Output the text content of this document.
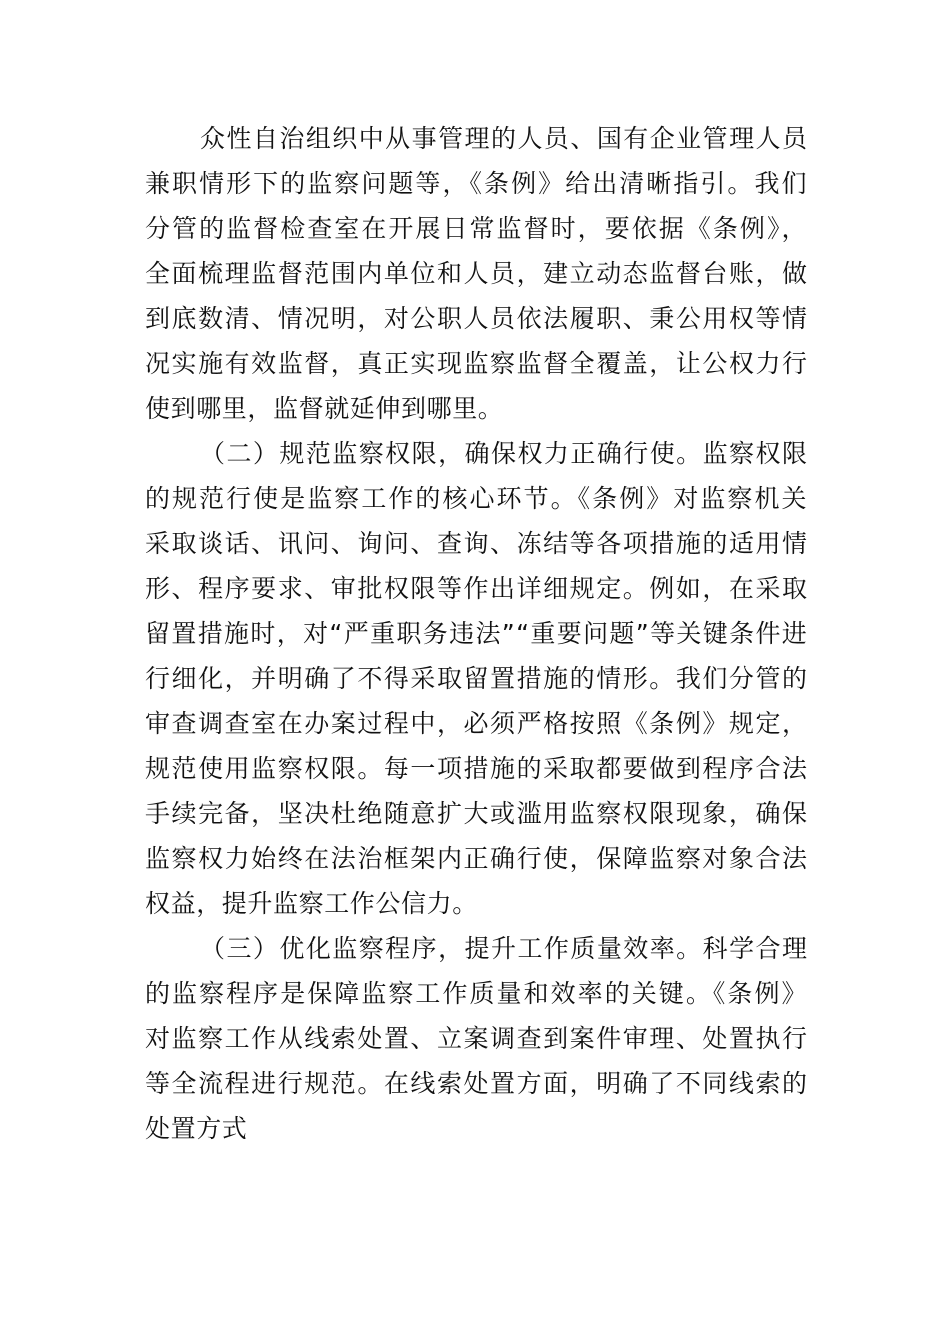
众性自治组织中从事管理的人员、国有企业管理人员
兼职情形下的监察问题等，《条例》给出清晰指引。我们
分管的监督检查室在开展日常监督时，要依据《条例》，
全面梳理监督范围内单位和人员，建立动态监督台账，做
到底数清、情况明，对公职人员依法履职、秉公用权等情
况实施有效监督，真正实现监察监督全覆盖，让公权力行
使到哪里，监督就延伸到哪里。
（二）规范监察权限，确保权力正确行使。监察权限
的规范行使是监察工作的核心环节。《条例》对监察机关
采取谈话、讯问、询问、查询、冻结等各项措施的适用情
形、程序要求、审批权限等作出详细规定。例如，在采取
留置措施时，对“严重职务违法”“重要问题”等关键条件进
行细化，并明确了不得采取留置措施的情形。我们分管的
审查调查室在办案过程中，必须严格按照《条例》规定，
规范使用监察权限。每一项措施的采取都要做到程序合法
手续完备，坚决杜绝随意扩大或滥用监察权限现象，确保
监察权力始终在法治框架内正确行使，保障监察对象合法
权益，提升监察工作公信力。
（三）优化监察程序，提升工作质量效率。科学合理
的监察程序是保障监察工作质量和效率的关键。《条例》
对监察工作从线索处置、立案调查到案件审理、处置执行
等全流程进行规范。在线索处置方面，明确了不同线索的
处置方式
